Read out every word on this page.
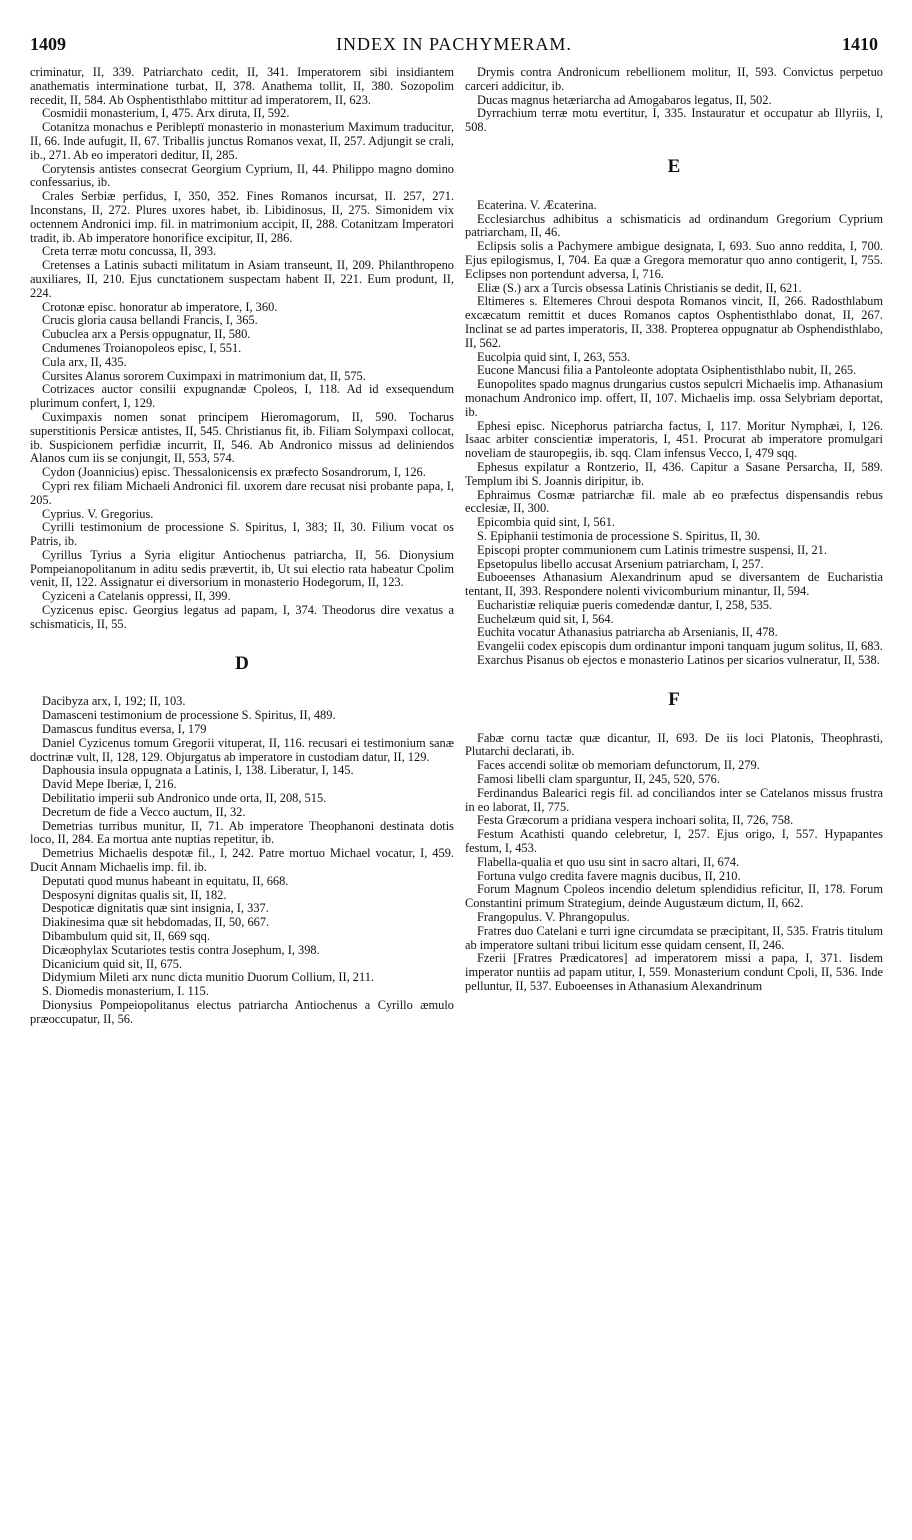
1409	INDEX IN PACHYMERAM.	1410

criminatur, II, 339. Patriarchato cedit, II, 341. Imperatorem sibi insidiantem anathematis interminatione turbat, II, 378. Anathema tollit, II, 380. Sozopolim recedit, II, 584. Ab Osphentisthlabo mittitur ad imperatorem, II, 623.

Cosmidii monasterium, I, 475. Arx diruta, II, 592.

Cotanitza monachus e Peribleptï monasterio in monasterium Maximum traducitur, II, 66. Inde aufugit, II, 67. Triballis junctus Romanos vexat, II, 257. Adjungit se crali, ib., 271. Ab eo imperatori deditur, II, 285.

Corytensis antistes consecrat Georgium Cyprium, II, 44. Philippo magno domino confessarius, ib.

Crales Serbiæ perfidus, I, 350, 352. Fines Romanos incursat, II. 257, 271. Inconstans, II, 272. Plures uxores habet, ib. Libidinosus, II, 275. Simonidem vix octennem Andronici imp. fil. in matrimonium accipit, II, 288. Cotanitzam Imperatori tradit, ib. Ab imperatore honorifice excipitur, II, 286.

Creta terræ motu concussa, II, 393.

Cretenses a Latinis subacti militatum in Asiam transeunt, II, 209. Philanthropeno auxiliares, II, 210. Ejus cunctationem suspectam habent II, 221. Eum produnt, II, 224.

Crotonæ episc. honoratur ab imperatore, I, 360.

Crucis gloria causa bellandi Francis, I, 365.

Cubuclea arx a Persis oppugnatur, II, 580.

Cndumenes Troianopoleos episc, I, 551.

Cula arx, II, 435.

Cursites Alanus sororem Cuximpaxi in matrimonium dat, II, 575.

Cotrizaces auctor consilii expugnandæ Cpoleos, I, 118. Ad id exsequendum plurimum confert, I, 129.

Cuximpaxis nomen sonat principem Hieromagorum, II, 590. Tocharus superstitionis Persicæ antistes, II, 545. Christianus fit, ib. Filiam Solympaxi collocat, ib. Suspicionem perfidiæ incurrit, II, 546. Ab Andronico missus ad deliniendos Alanos cum iis se conjungit, II, 553, 574.

Cydon (Joannicius) episc. Thessalonicensis ex præfecto Sosandrorum, I, 126.

Cypri rex filiam Michaeli Andronici fil. uxorem dare recusat nisi probante papa, I, 205.

Cyprius. V. Gregorius.

Cyrilli testimonium de processione S. Spiritus, I, 383; II, 30. Filium vocat os Patris, ib.

Cyrillus Tyrius a Syria eligitur Antiochenus patriarcha, II, 56. Dionysium Pompeianopolitanum in aditu sedis prævertit, ib, Ut sui electio rata habeatur Cpolim venit, II, 122. Assignatur ei diversorium in monasterio Hodegorum, II, 123.

Cyziceni a Catelanis oppressi, II, 399.

Cyzicenus episc. Georgius legatus ad papam, I, 374. Theodorus dire vexatus a schismaticis, II, 55.

D

Dacibyza arx, I, 192; II, 103.

Damasceni testimonium de processione S. Spiritus, II, 489.

Damascus funditus eversa, I, 179

Daniel Cyzicenus tomum Gregorii vituperat, II, 116. recusari ei testimonium sanæ doctrinæ vult, II, 128, 129. Objurgatus ab imperatore in custodiam datur, II, 129.

Daphousia insula oppugnata a Latinis, I, 138. Liberatur, I, 145.

David Mepe Iberiæ, I, 216.

Debilitatio imperii sub Andronico unde orta, II, 208, 515.

Decretum de fide a Vecco auctum, II, 32.

Demetrias turribus munitur, II, 71. Ab imperatore Theophanoni destinata dotis loco, II, 284. Ea mortua ante nuptias repetitur, ib.

Demetrius Michaelis despotæ fil., I, 242. Patre mortuo Michael vocatur, I, 459. Ducit Annam Michaelis imp. fil. ib.

Deputati quod munus habeant in equitatu, II, 668.

Desposyni dignitas qualis sit, II, 182.

Despoticæ dignitatis quæ sint insignia, I, 337.

Diakinesima quæ sit hebdomadas, II, 50, 667.

Dibambulum quid sit, II, 669 sqq.

Dicæophylax Scutariotes testis contra Josephum, I, 398.

Dicanicium quid sit, II, 675.

Didymium Mileti arx nunc dicta munitio Duorum Collium, II, 211.

S. Diomedis monasterium, I. 115.

Dionysius Pompeiopolitanus electus patriarcha Antiochenus a Cyrillo æmulo præoccupatur, II, 56.

Drymis contra Andronicum rebellionem molitur, II, 593. Convictus perpetuo carceri addicitur, ib.

Ducas magnus hetæriarcha ad Amogabaros legatus, II, 502.

Dyrrachium terræ motu evertitur, I, 335. Instauratur et occupatur ab Illyriis, I, 508.

E

Ecaterina. V. Æcaterina.

Ecclesiarchus adhibitus a schismaticis ad ordinandum Gregorium Cyprium patriarcham, II, 46.

Eclipsis solis a Pachymere ambigue designata, I, 693. Suo anno reddita, I, 700. Ejus epilogismus, I, 704. Ea quæ a Gregora memoratur quo anno contigerit, I, 755. Eclipses non portendunt adversa, I, 716.

Eliæ (S.) arx a Turcis obsessa Latinis Christianis se dedit, II, 621.

Eltimeres s. Eltemeres Chroui despota Romanos vincit, II, 266. Radosthlabum excæcatum remittit et duces Romanos captos Osphentisthlabo donat, II, 267. Inclinat se ad partes imperatoris, II, 338. Propterea oppugnatur ab Osphendisthlabo, II, 562.

Eucolpia quid sint, I, 263, 553.

Eucone Mancusi filia a Pantoleonte adoptata Osiphentisthlabo nubit, II, 265.

Eunopolites spado magnus drungarius custos sepulcri Michaelis imp. Athanasium monachum Andronico imp. offert, II, 107. Michaelis imp. ossa Selybriam deportat, ib.

Ephesi episc. Nicephorus patriarcha factus, I, 117. Moritur Nymphæi, I, 126. Isaac arbiter conscientiæ imperatoris, I, 451. Procurat ab imperatore promulgari noveliam de stauropegiis, ib. sqq. Clam infensus Vecco, I, 479 sqq.

Ephesus expilatur a Rontzerio, II, 436. Capitur a Sasane Persarcha, II, 589. Templum ibi S. Joannis diripitur, ib.

Ephraimus Cosmæ patriarchæ fil. male ab eo præfectus dispensandis rebus ecclesiæ, II, 300.

Epicombia quid sint, I, 561.

S. Epiphanii testimonia de processione S. Spiritus, II, 30.

Episcopi propter communionem cum Latinis trimestre suspensi, II, 21.

Epsetopulus libello accusat Arsenium patriarcham, I, 257.

Euboeenses Athanasium Alexandrinum apud se diversantem de Eucharistia tentant, II, 393. Respondere nolenti vivicomburium minantur, II, 594.

Eucharistiæ reliquiæ pueris comedendæ dantur, I, 258, 535.

Euchelæum quid sit, I, 564.

Euchita vocatur Athanasius patriarcha ab Arsenianis, II, 478.

Evangelii codex episcopis dum ordinantur imponi tanquam jugum solitus, II, 683.

Exarchus Pisanus ob ejectos e monasterio Latinos per sicarios vulneratur, II, 538.

F

Fabæ cornu tactæ quæ dicantur, II, 693. De iis loci Platonis, Theophrasti, Plutarchi declarati, ib.

Faces accendi solitæ ob memoriam defunctorum, II, 279.

Famosi libelli clam sparguntur, II, 245, 520, 576.

Ferdinandus Balearici regis fil. ad conciliandos inter se Catelanos missus frustra in eo laborat, II, 775.

Festa Græcorum a pridiana vespera inchoari solita, II, 726, 758.

Festum Acathisti quando celebretur, I, 257. Ejus origo, I, 557. Hypapantes festum, I, 453.

Flabella-qualia et quo usu sint in sacro altari, II, 674.

Fortuna vulgo credita favere magnis ducibus, II, 210.

Forum Magnum Cpoleos incendio deletum splendidius reficitur, II, 178. Forum Constantini primum Strategium, deinde Augustæum dictum, II, 662.

Frangopulus. V. Phrangopulus.

Fratres duo Catelani e turri igne circumdata se præcipitant, II, 535. Fratris titulum ab imperatore sultani tribui licitum esse quidam censent, II, 246.

Fzerii [Fratres Prædicatores] ad imperatorem missi a papa, I, 371. Iisdem imperator nuntiis ad papam utitur, I, 559. Monasterium condunt Cpoli, II, 536. Inde pelluntur, II, 537. Euboeenses in Athanasium Alexandrinum
